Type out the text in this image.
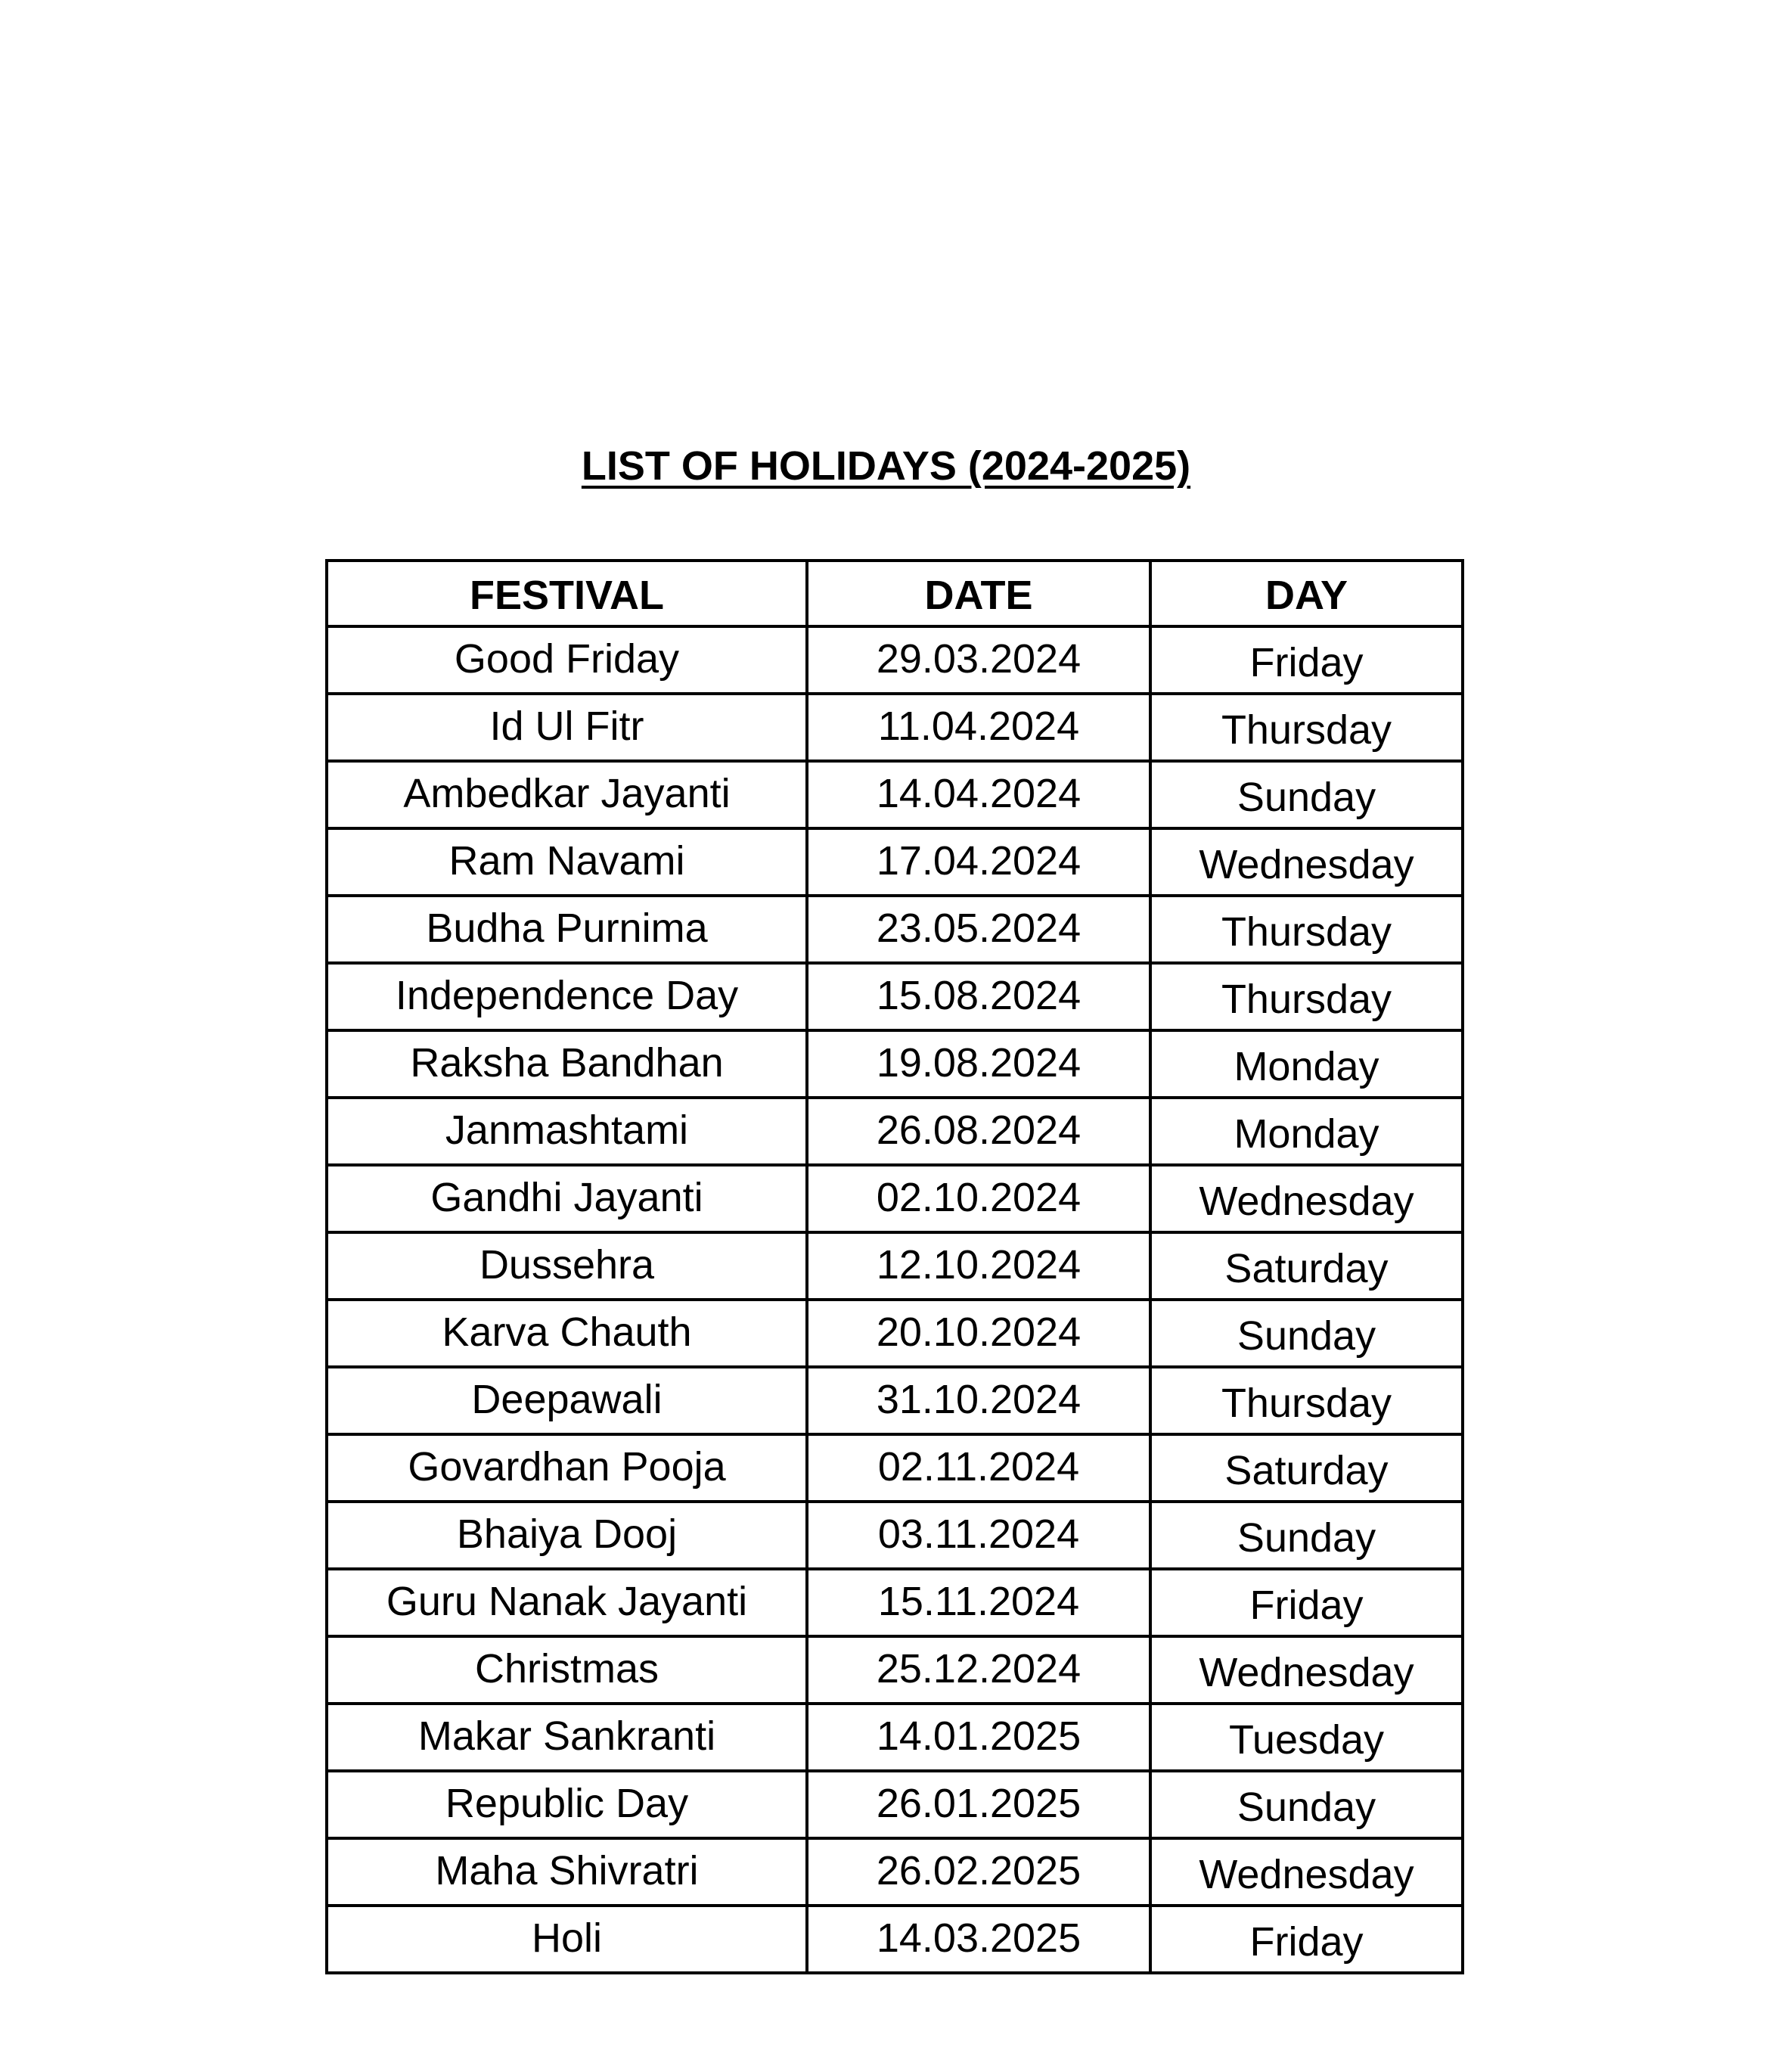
LIST OF HOLIDAYS (2024-2025)
FESTIVAL	DATE	DAY
Good Friday	29.03.2024	Friday
Id Ul Fitr	11.04.2024	Thursday
Ambedkar Jayanti	14.04.2024	Sunday
Ram Navami	17.04.2024	Wednesday
Budha Purnima	23.05.2024	Thursday
Independence Day	15.08.2024	Thursday
Raksha Bandhan	19.08.2024	Monday
Janmashtami	26.08.2024	Monday
Gandhi Jayanti	02.10.2024	Wednesday
Dussehra	12.10.2024	Saturday
Karva Chauth	20.10.2024	Sunday
Deepawali	31.10.2024	Thursday
Govardhan Pooja	02.11.2024	Saturday
Bhaiya Dooj	03.11.2024	Sunday
Guru Nanak Jayanti	15.11.2024	Friday
Christmas	25.12.2024	Wednesday
Makar Sankranti	14.01.2025	Tuesday
Republic Day	26.01.2025	Sunday
Maha Shivratri	26.02.2025	Wednesday
Holi	14.03.2025	Friday
